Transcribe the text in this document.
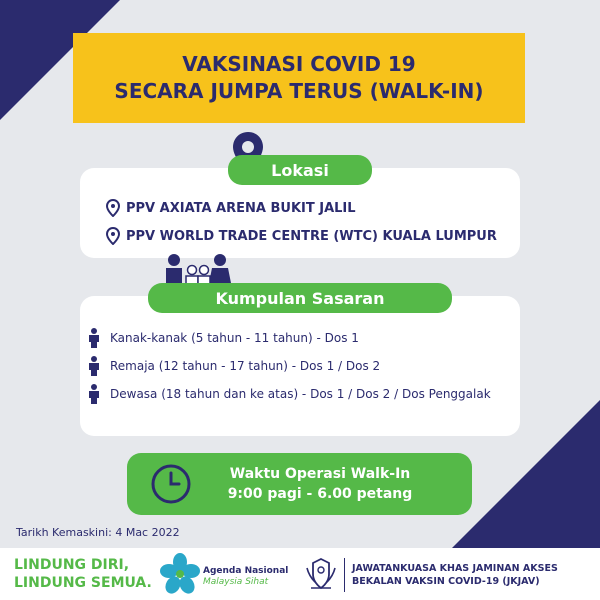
VAKSINASI COVID 19
SECARA JUMPA TERUS (WALK-IN)
Lokasi
PPV AXIATA ARENA BUKIT JALIL
PPV WORLD TRADE CENTRE (WTC) KUALA LUMPUR
Kumpulan Sasaran
Kanak-kanak (5 tahun - 11 tahun) - Dos 1
Remaja (12 tahun - 17 tahun) - Dos 1 / Dos 2
Dewasa (18 tahun dan ke atas) - Dos 1 / Dos 2 / Dos Penggalak
Waktu Operasi Walk-In
9:00 pagi - 6.00 petang
Tarikh Kemaskini: 4 Mac 2022
LINDUNG DIRI,
LINDUNG SEMUA.
Agenda Nasional
Malaysia Sihat
JAWATANKUASA KHAS JAMINAN AKSES
BEKALAN VAKSIN COVID-19 (JKJAV)
